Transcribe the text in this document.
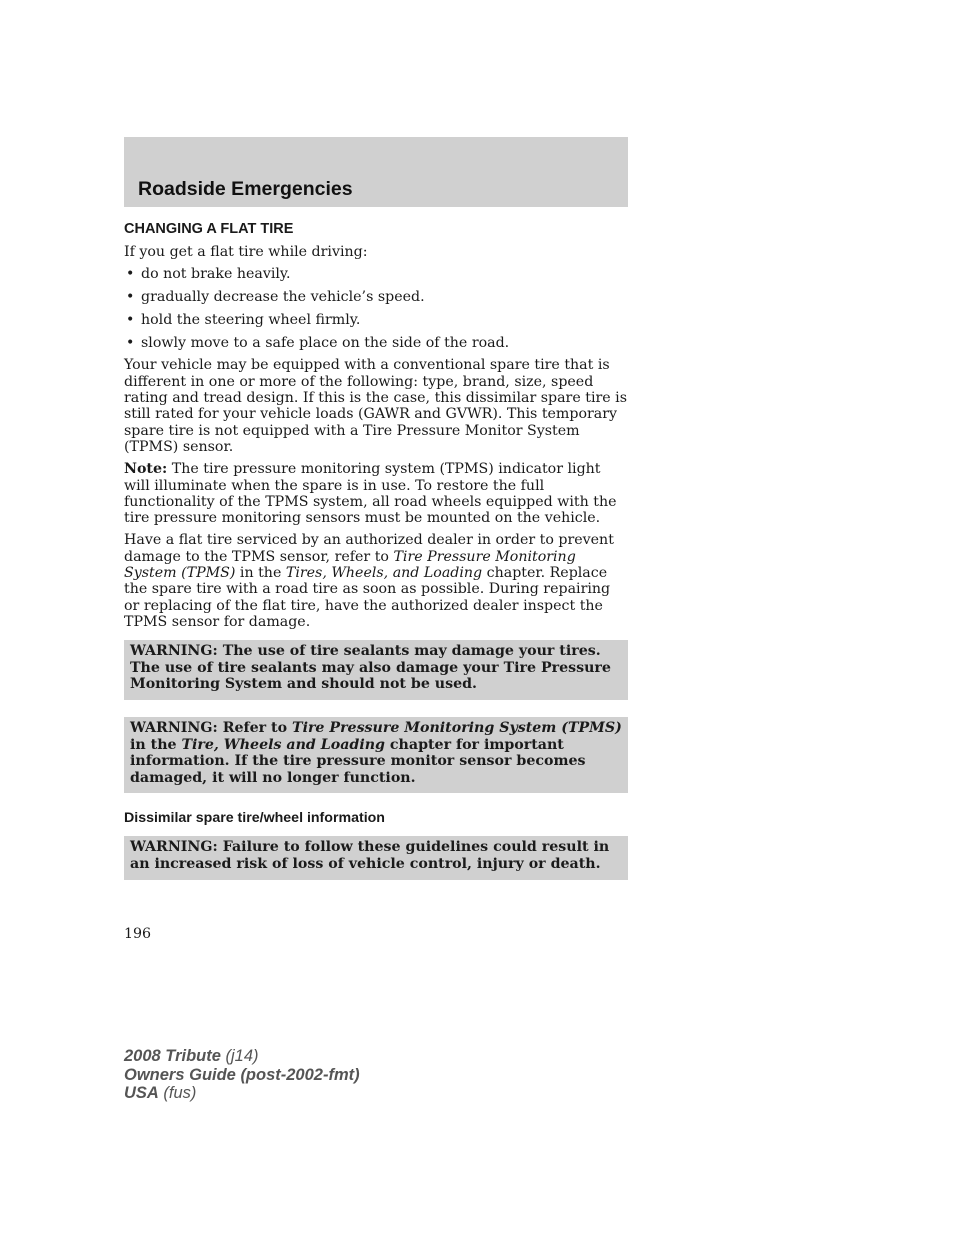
Roadside Emergencies
CHANGING A FLAT TIRE

If you get a flat tire while driving:

• do not brake heavily.
• gradually decrease the vehicle’s speed.
• hold the steering wheel firmly.
• slowly move to a safe place on the side of the road.

Your vehicle may be equipped with a conventional spare tire that is different in one or more of the following: type, brand, size, speed rating and tread design. If this is the case, this dissimilar spare tire is still rated for your vehicle loads (GAWR and GVWR). This temporary spare tire is not equipped with a Tire Pressure Monitor System (TPMS) sensor.

Note: The tire pressure monitoring system (TPMS) indicator light will illuminate when the spare is in use. To restore the full functionality of the TPMS system, all road wheels equipped with the tire pressure monitoring sensors must be mounted on the vehicle.

Have a flat tire serviced by an authorized dealer in order to prevent damage to the TPMS sensor, refer to Tire Pressure Monitoring System (TPMS) in the Tires, Wheels, and Loading chapter. Replace the spare tire with a road tire as soon as possible. During repairing or replacing of the flat tire, have the authorized dealer inspect the TPMS sensor for damage.

WARNING: The use of tire sealants may damage your tires. The use of tire sealants may also damage your Tire Pressure Monitoring System and should not be used.
WARNING: Refer to Tire Pressure Monitoring System (TPMS) in the Tire, Wheels and Loading chapter for important information. If the tire pressure monitor sensor becomes damaged, it will no longer function.
Dissimilar spare tire/wheel information
WARNING: Failure to follow these guidelines could result in an increased risk of loss of vehicle control, injury or death.

196

2008 Tribute (j14)
Owners Guide (post-2002-fmt)
USA (fus)
